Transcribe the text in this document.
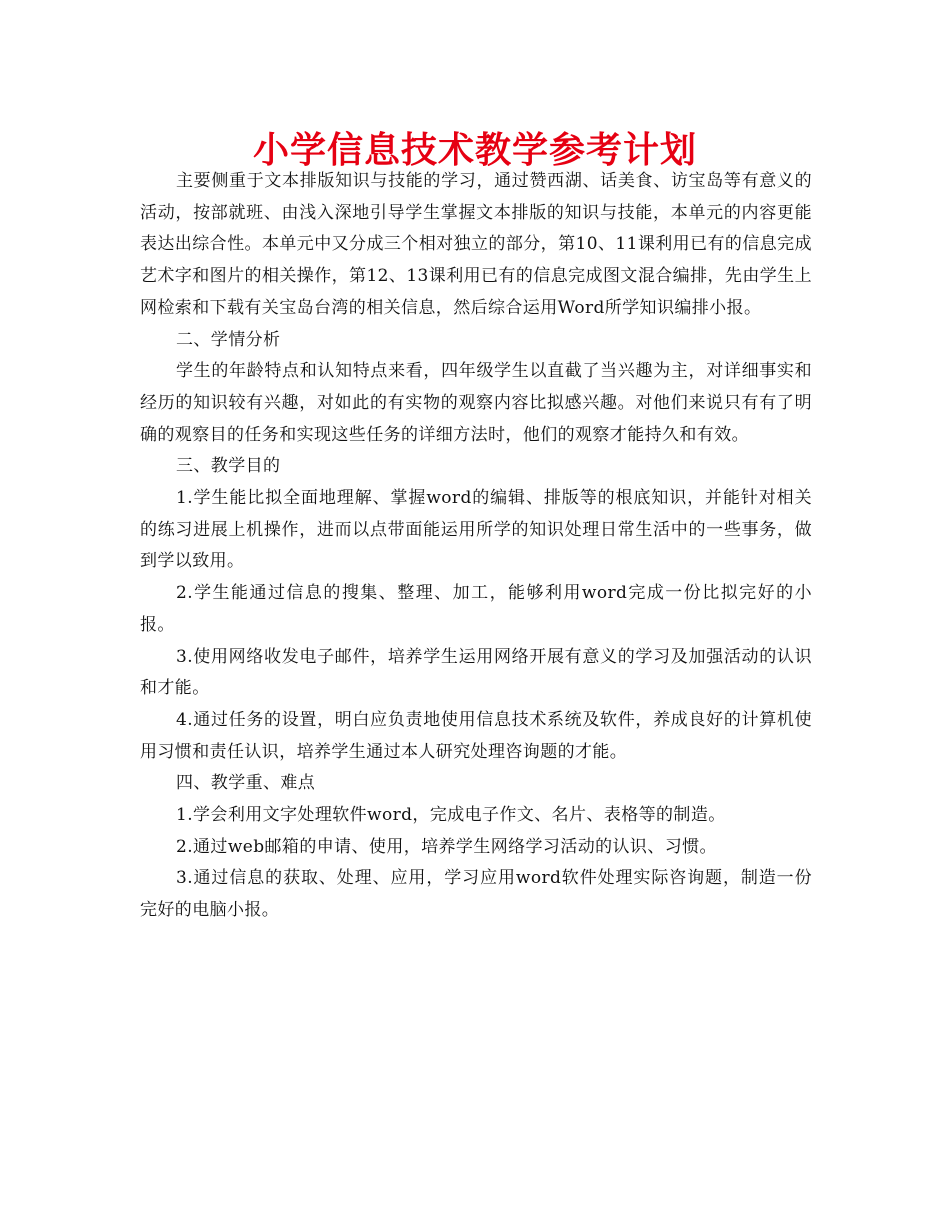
小学信息技术教学参考计划

主要侧重于文本排版知识与技能的学习，通过赞西湖、话美食、访宝岛等有意义的活动，按部就班、由浅入深地引导学生掌握文本排版的知识与技能，本单元的内容更能表达出综合性。本单元中又分成三个相对独立的部分，第10、11课利用已有的信息完成艺术字和图片的相关操作，第12、13课利用已有的信息完成图文混合编排，先由学生上网检索和下载有关宝岛台湾的相关信息，然后综合运用Word所学知识编排小报。

二、学情分析

学生的年龄特点和认知特点来看，四年级学生以直截了当兴趣为主，对详细事实和经历的知识较有兴趣，对如此的有实物的观察内容比拟感兴趣。对他们来说只有有了明确的观察目的任务和实现这些任务的详细方法时，他们的观察才能持久和有效。

三、教学目的

1.学生能比拟全面地理解、掌握word的编辑、排版等的根底知识，并能针对相关的练习进展上机操作，进而以点带面能运用所学的知识处理日常生活中的一些事务，做到学以致用。

2.学生能通过信息的搜集、整理、加工，能够利用word完成一份比拟完好的小报。

3.使用网络收发电子邮件，培养学生运用网络开展有意义的学习及加强活动的认识和才能。

4.通过任务的设置，明白应负责地使用信息技术系统及软件，养成良好的计算机使用习惯和责任认识，培养学生通过本人研究处理咨询题的才能。

四、教学重、难点

1.学会利用文字处理软件word，完成电子作文、名片、表格等的制造。

2.通过web邮箱的申请、使用，培养学生网络学习活动的认识、习惯。

3.通过信息的获取、处理、应用，学习应用word软件处理实际咨询题，制造一份完好的电脑小报。
